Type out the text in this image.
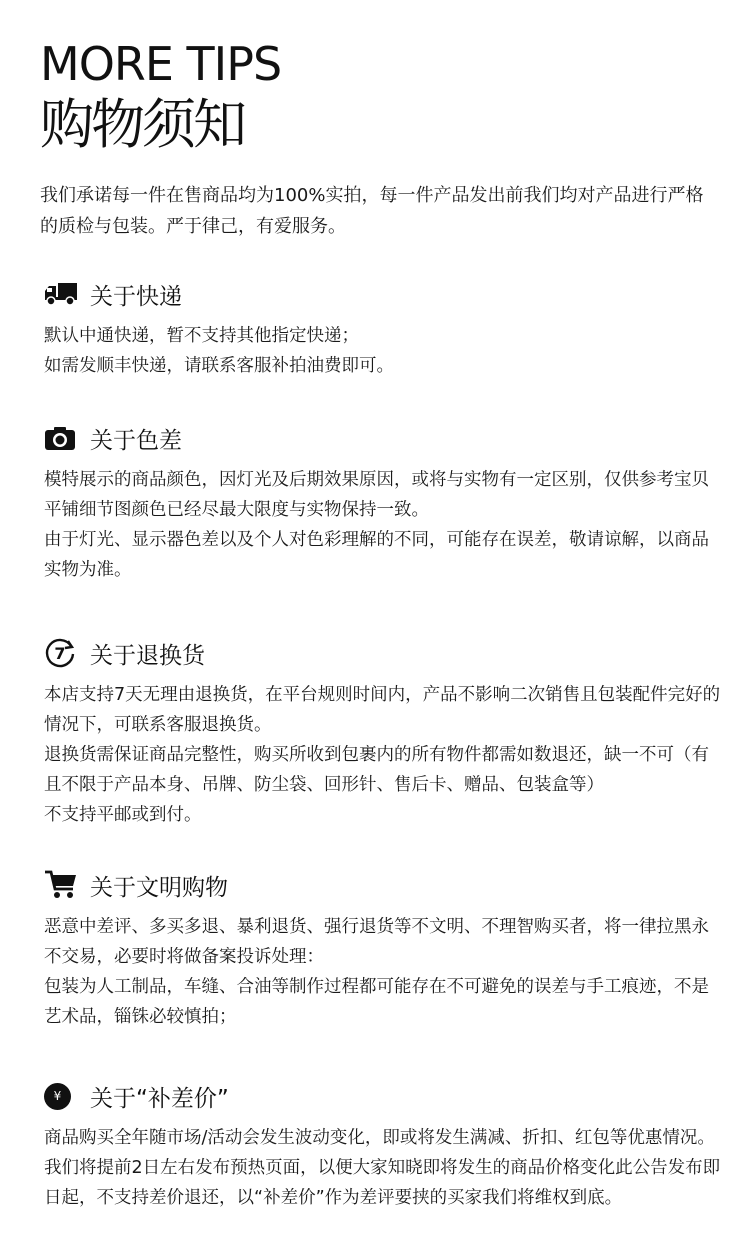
MORE TIPS
购物须知
我们承诺每一件在售商品均为100%实拍，每一件产品发出前我们均对产品进行严格的质检与包装。严于律己，有爱服务。
关于快递

默认中通快递，暂不支持其他指定快递；

如需发顺丰快递，请联系客服补拍油费即可。

关于色差

模特展示的商品颜色，因灯光及后期效果原因，或将与实物有一定区别，仅供参考宝贝平铺细节图颜色已经尽最大限度与实物保持一致。

由于灯光、显示器色差以及个人对色彩理解的不同，可能存在误差，敬请谅解，以商品实物为准。

7 关于退换货

本店支持7天无理由退换货，在平台规则时间内，产品不影响二次销售且包装配件完好的情况下，可联系客服退换货。

退换货需保证商品完整性，购买所收到包裹内的所有物件都需如数退还，缺一不可（有且不限于产品本身、吊牌、防尘袋、回形针、售后卡、赠品、包装盒等）

不支持平邮或到付。

关于文明购物

恶意中差评、多买多退、暴利退货、强行退货等不文明、不理智购买者，将一律拉黑永不交易，必要时将做备案投诉处理：

包装为人工制品，车缝、合油等制作过程都可能存在不可避免的误差与手工痕迹，不是艺术品，锱铢必较慎拍；

¥	关于“补差价”

商品购买全年随市场/活动会发生波动变化，即或将发生满减、折扣、红包等优惠情况。我们将提前2日左右发布预热页面，以便大家知晓即将发生的商品价格变化此公告发布即日起，不支持差价退还，以“补差价”作为差评要挟的买家我们将维权到底。
